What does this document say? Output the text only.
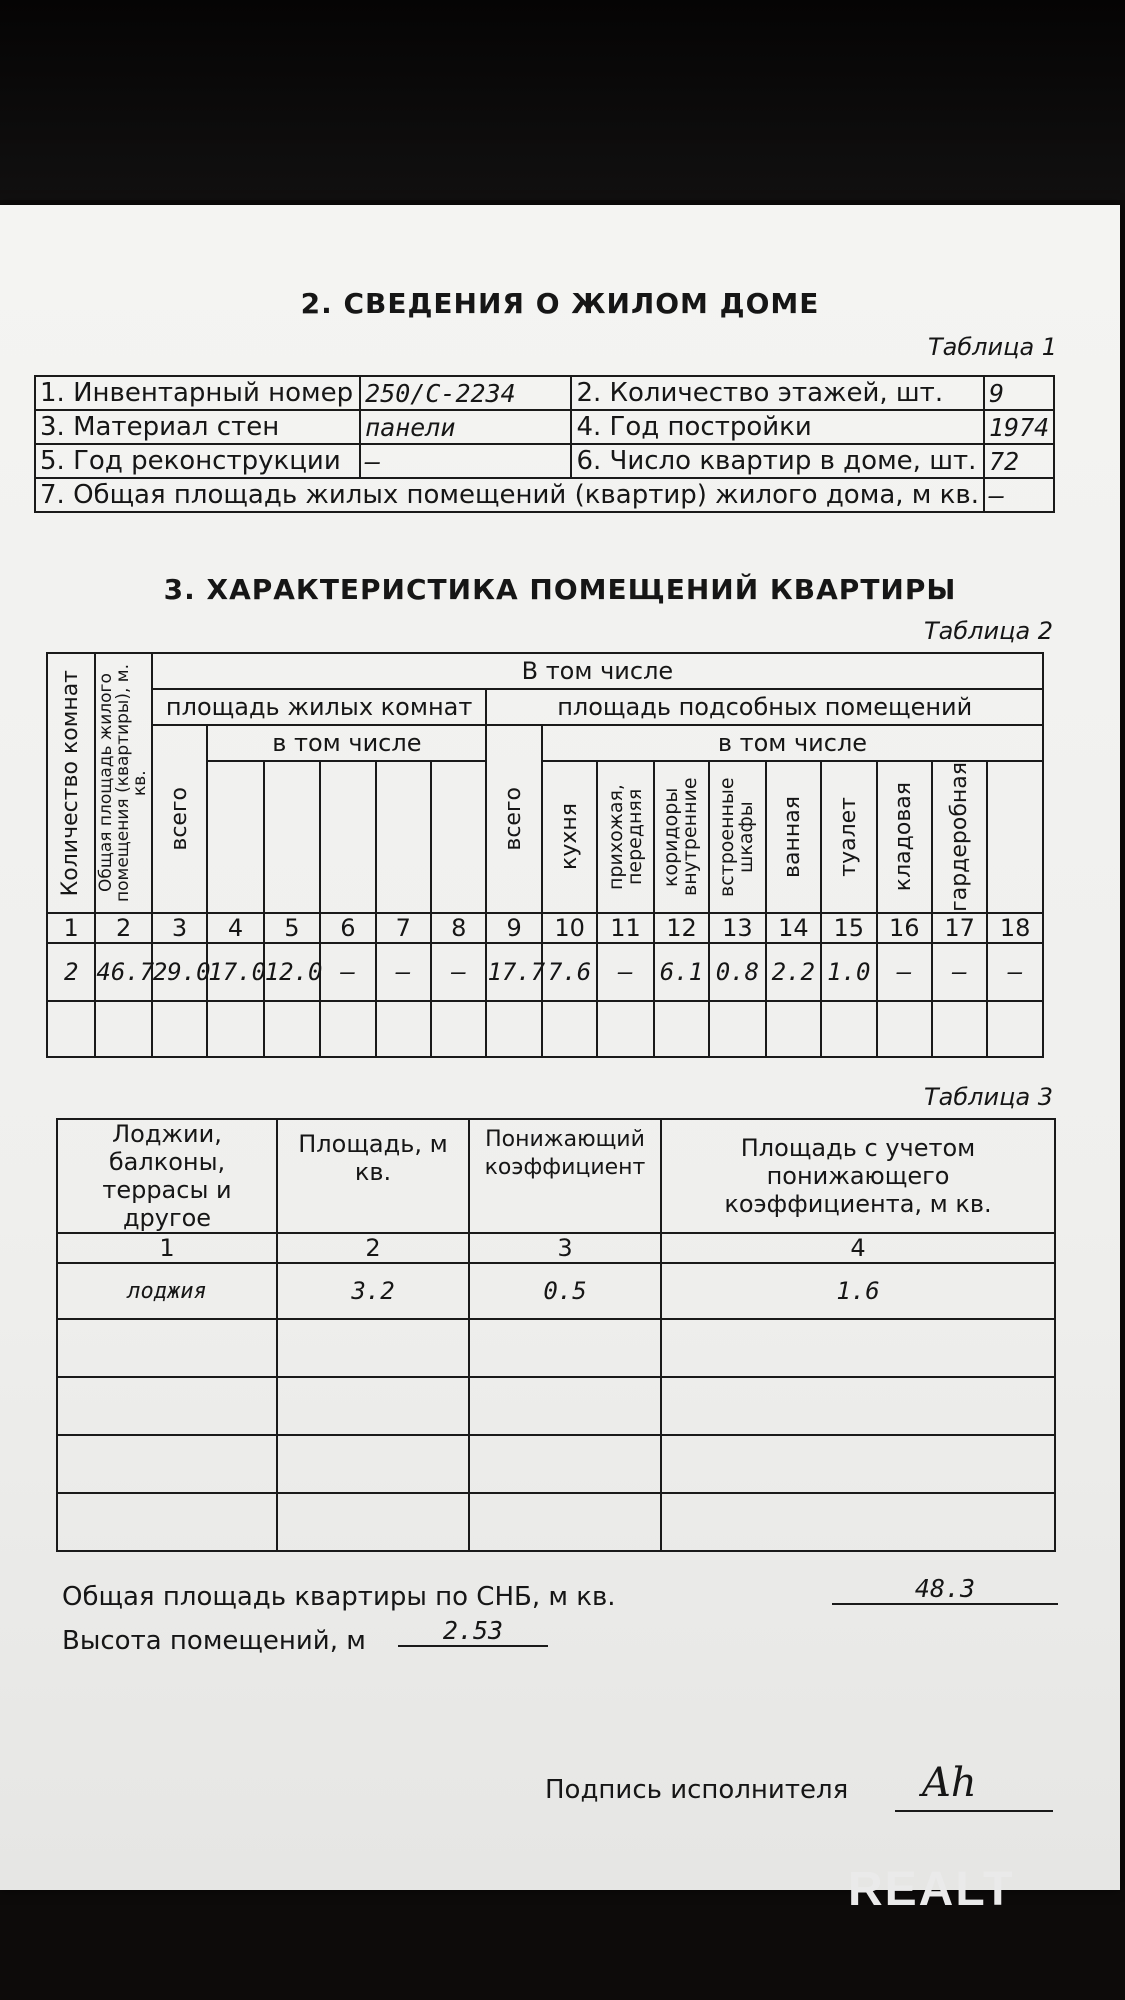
2. СВЕДЕНИЯ О ЖИЛОМ ДОМЕ
Таблица 1
3. ХАРАКТЕРИСТИКА ПОМЕЩЕНИЙ КВАРТИРЫ
Таблица 2
Таблица 3
1. Инвентарный номер	250/С-2234	2. Количество этажей, шт.	9
3. Материал стен	панели	4. Год постройки	1974
5. Год реконструкции	—	6. Число квартир в доме, шт.	72
7. Общая площадь жилых помещений (квартир) жилого дома, м кв.			—
Количество комнат	Общая площадь жилого помещения (квартиры), м. кв.	В том числе															
		площадь жилых комнат						площадь подсобных помещений									

		всего	в том числе					всего	в том числе								

									кухня	прихожая, передняя	коридоры внутренние	встроенные шкафы	ванная	туалет	кладовая	гардеробная	

1	2	3	4	5	6	7	8	9	10	11	12	13	14	15	16	17	18
2	46.7	29.0	17.0	12.0	—	—	—	17.7	7.6	—	6.1	0.8	2.2	1.0	—	—	—

Лоджии, балконы, террасы и другое	Площадь, м кв.	Понижающий коэффициент	Площадь с учетом понижающего коэффициента, м кв.
1	2	3	4
лоджия	3.2	0.5	1.6

Общая площадь квартиры по СНБ, м кв.	48.3
Высота помещений, м	2.53
Подпись исполнителя Ah
REALT
